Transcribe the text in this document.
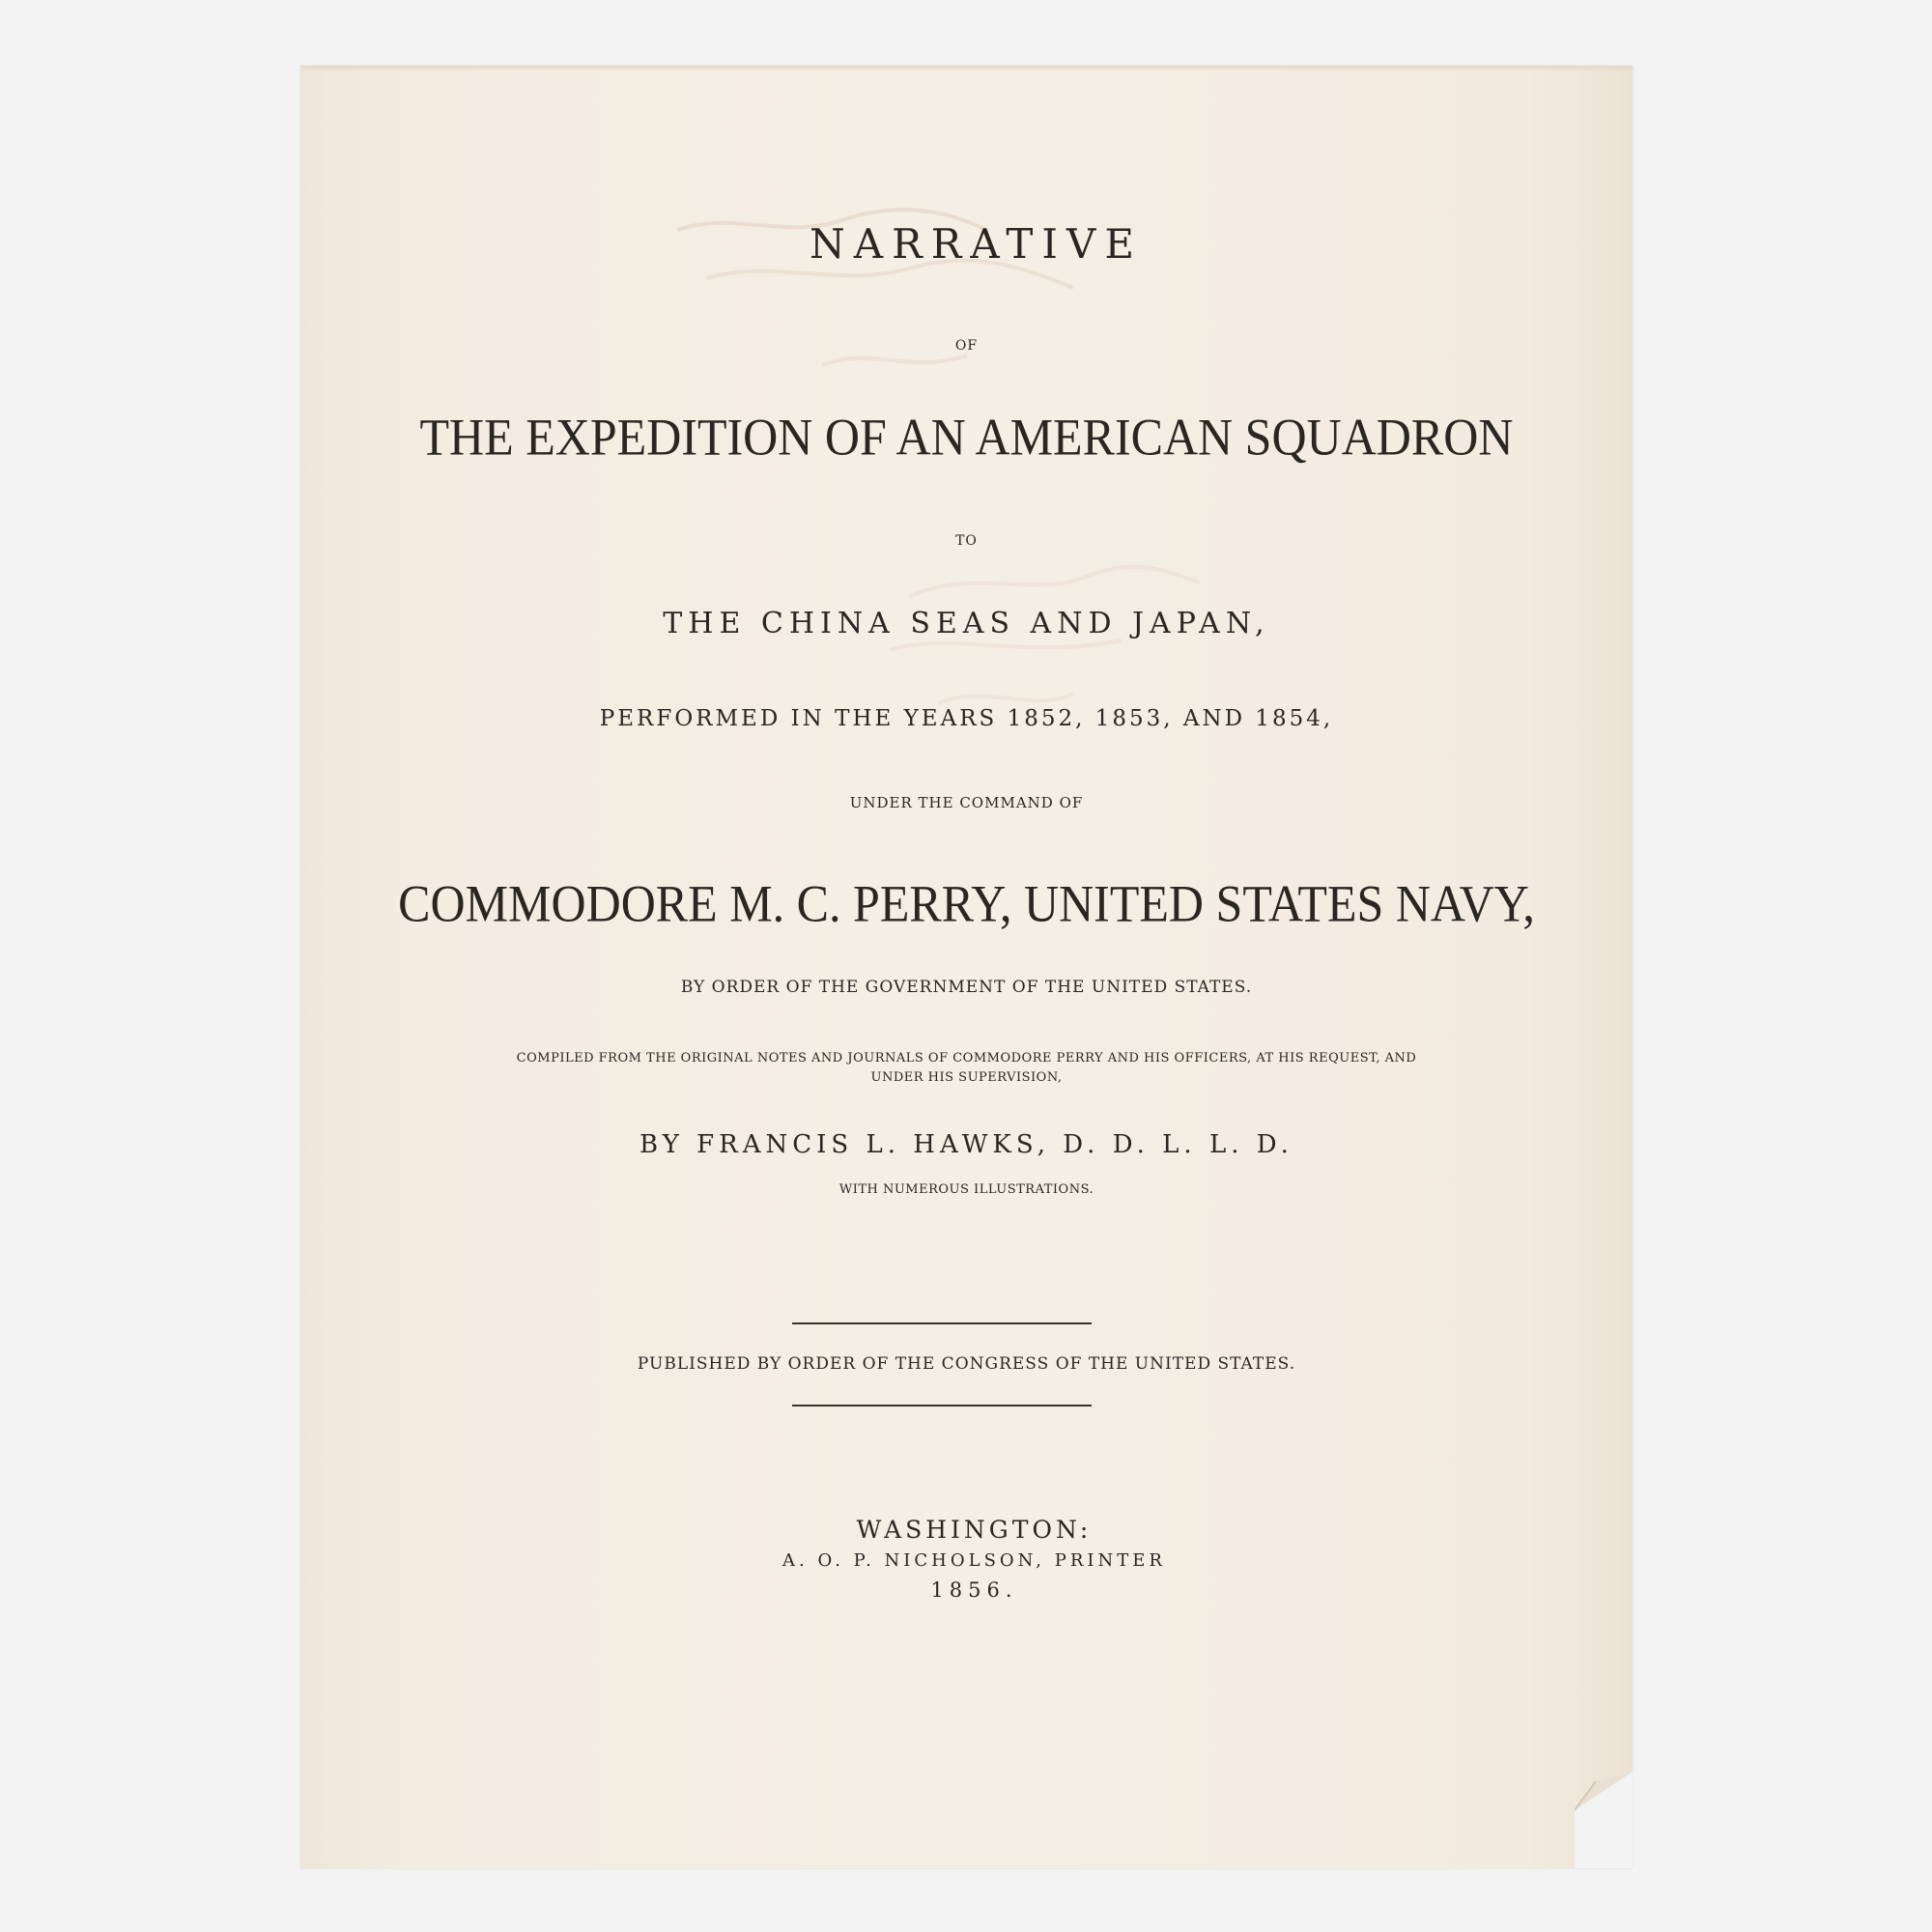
NARRATIVE
OF
THE EXPEDITION OF AN AMERICAN SQUADRON
TO
THE CHINA SEAS AND JAPAN,
PERFORMED IN THE YEARS 1852, 1853, AND 1854,
UNDER THE COMMAND OF
COMMODORE M. C. PERRY, UNITED STATES NAVY,
BY ORDER OF THE GOVERNMENT OF THE UNITED STATES.
COMPILED FROM THE ORIGINAL NOTES AND JOURNALS OF COMMODORE PERRY AND HIS OFFICERS, AT HIS REQUEST, AND
UNDER HIS SUPERVISION,
BY FRANCIS L. HAWKS, D. D. L. L. D.
WITH NUMEROUS ILLUSTRATIONS.
PUBLISHED BY ORDER OF THE CONGRESS OF THE UNITED STATES.
WASHINGTON:
A. O. P. NICHOLSON, PRINTER
1856.
